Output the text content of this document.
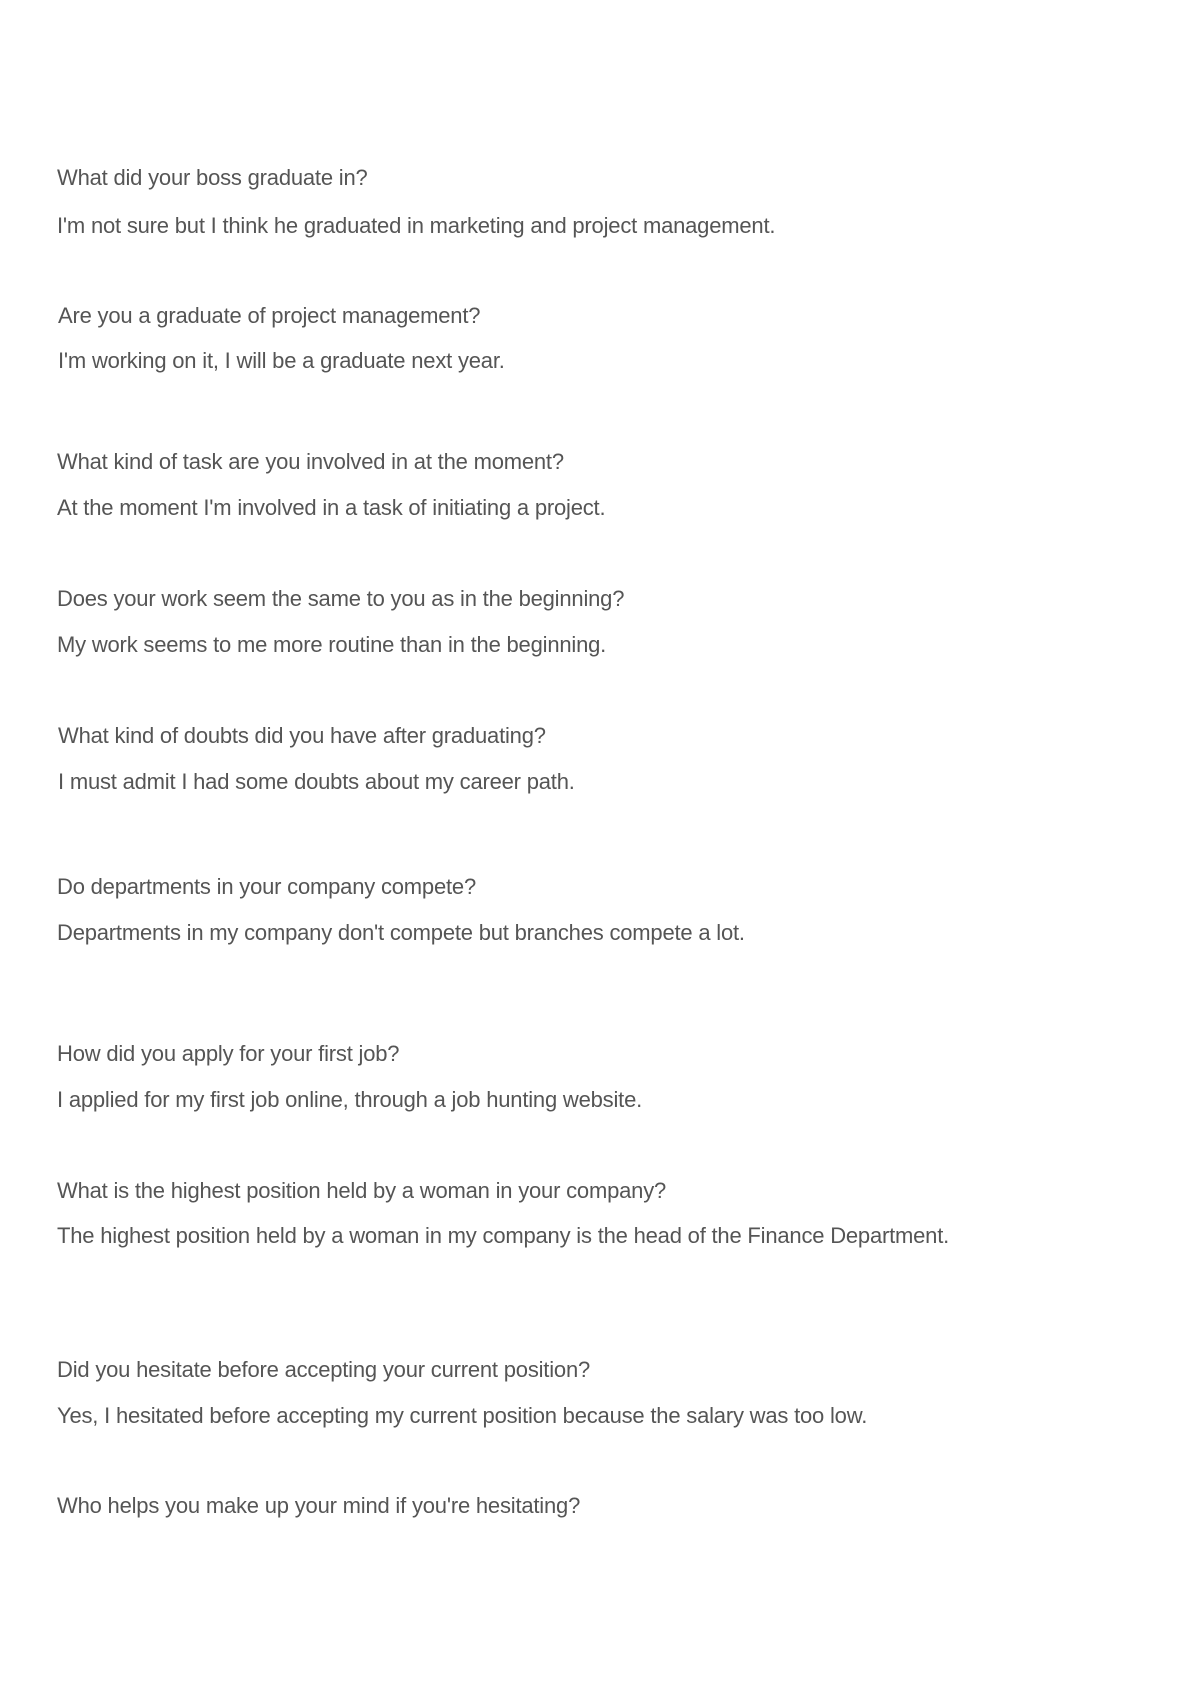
What did your boss graduate in?
I'm not sure but I think he graduated in marketing and project management.
Are you a graduate of project management?
I'm working on it, I will be a graduate next year.
What kind of task are you involved in at the moment?
At the moment I'm involved in a task of initiating a project.
Does your work seem the same to you as in the beginning?
My work seems to me more routine than in the beginning.
What kind of doubts did you have after graduating?
I must admit I had some doubts about my career path.
Do departments in your company compete?
Departments in my company don't compete but branches compete a lot.
How did you apply for your first job?
I applied for my first job online, through a job hunting website.
What is the highest position held by a woman in your company?
The highest position held by a woman in my company is the head of the Finance Department.
Did you hesitate before accepting your current position?
Yes, I hesitated before accepting my current position because the salary was too low.
Who helps you make up your mind if you're hesitating?
